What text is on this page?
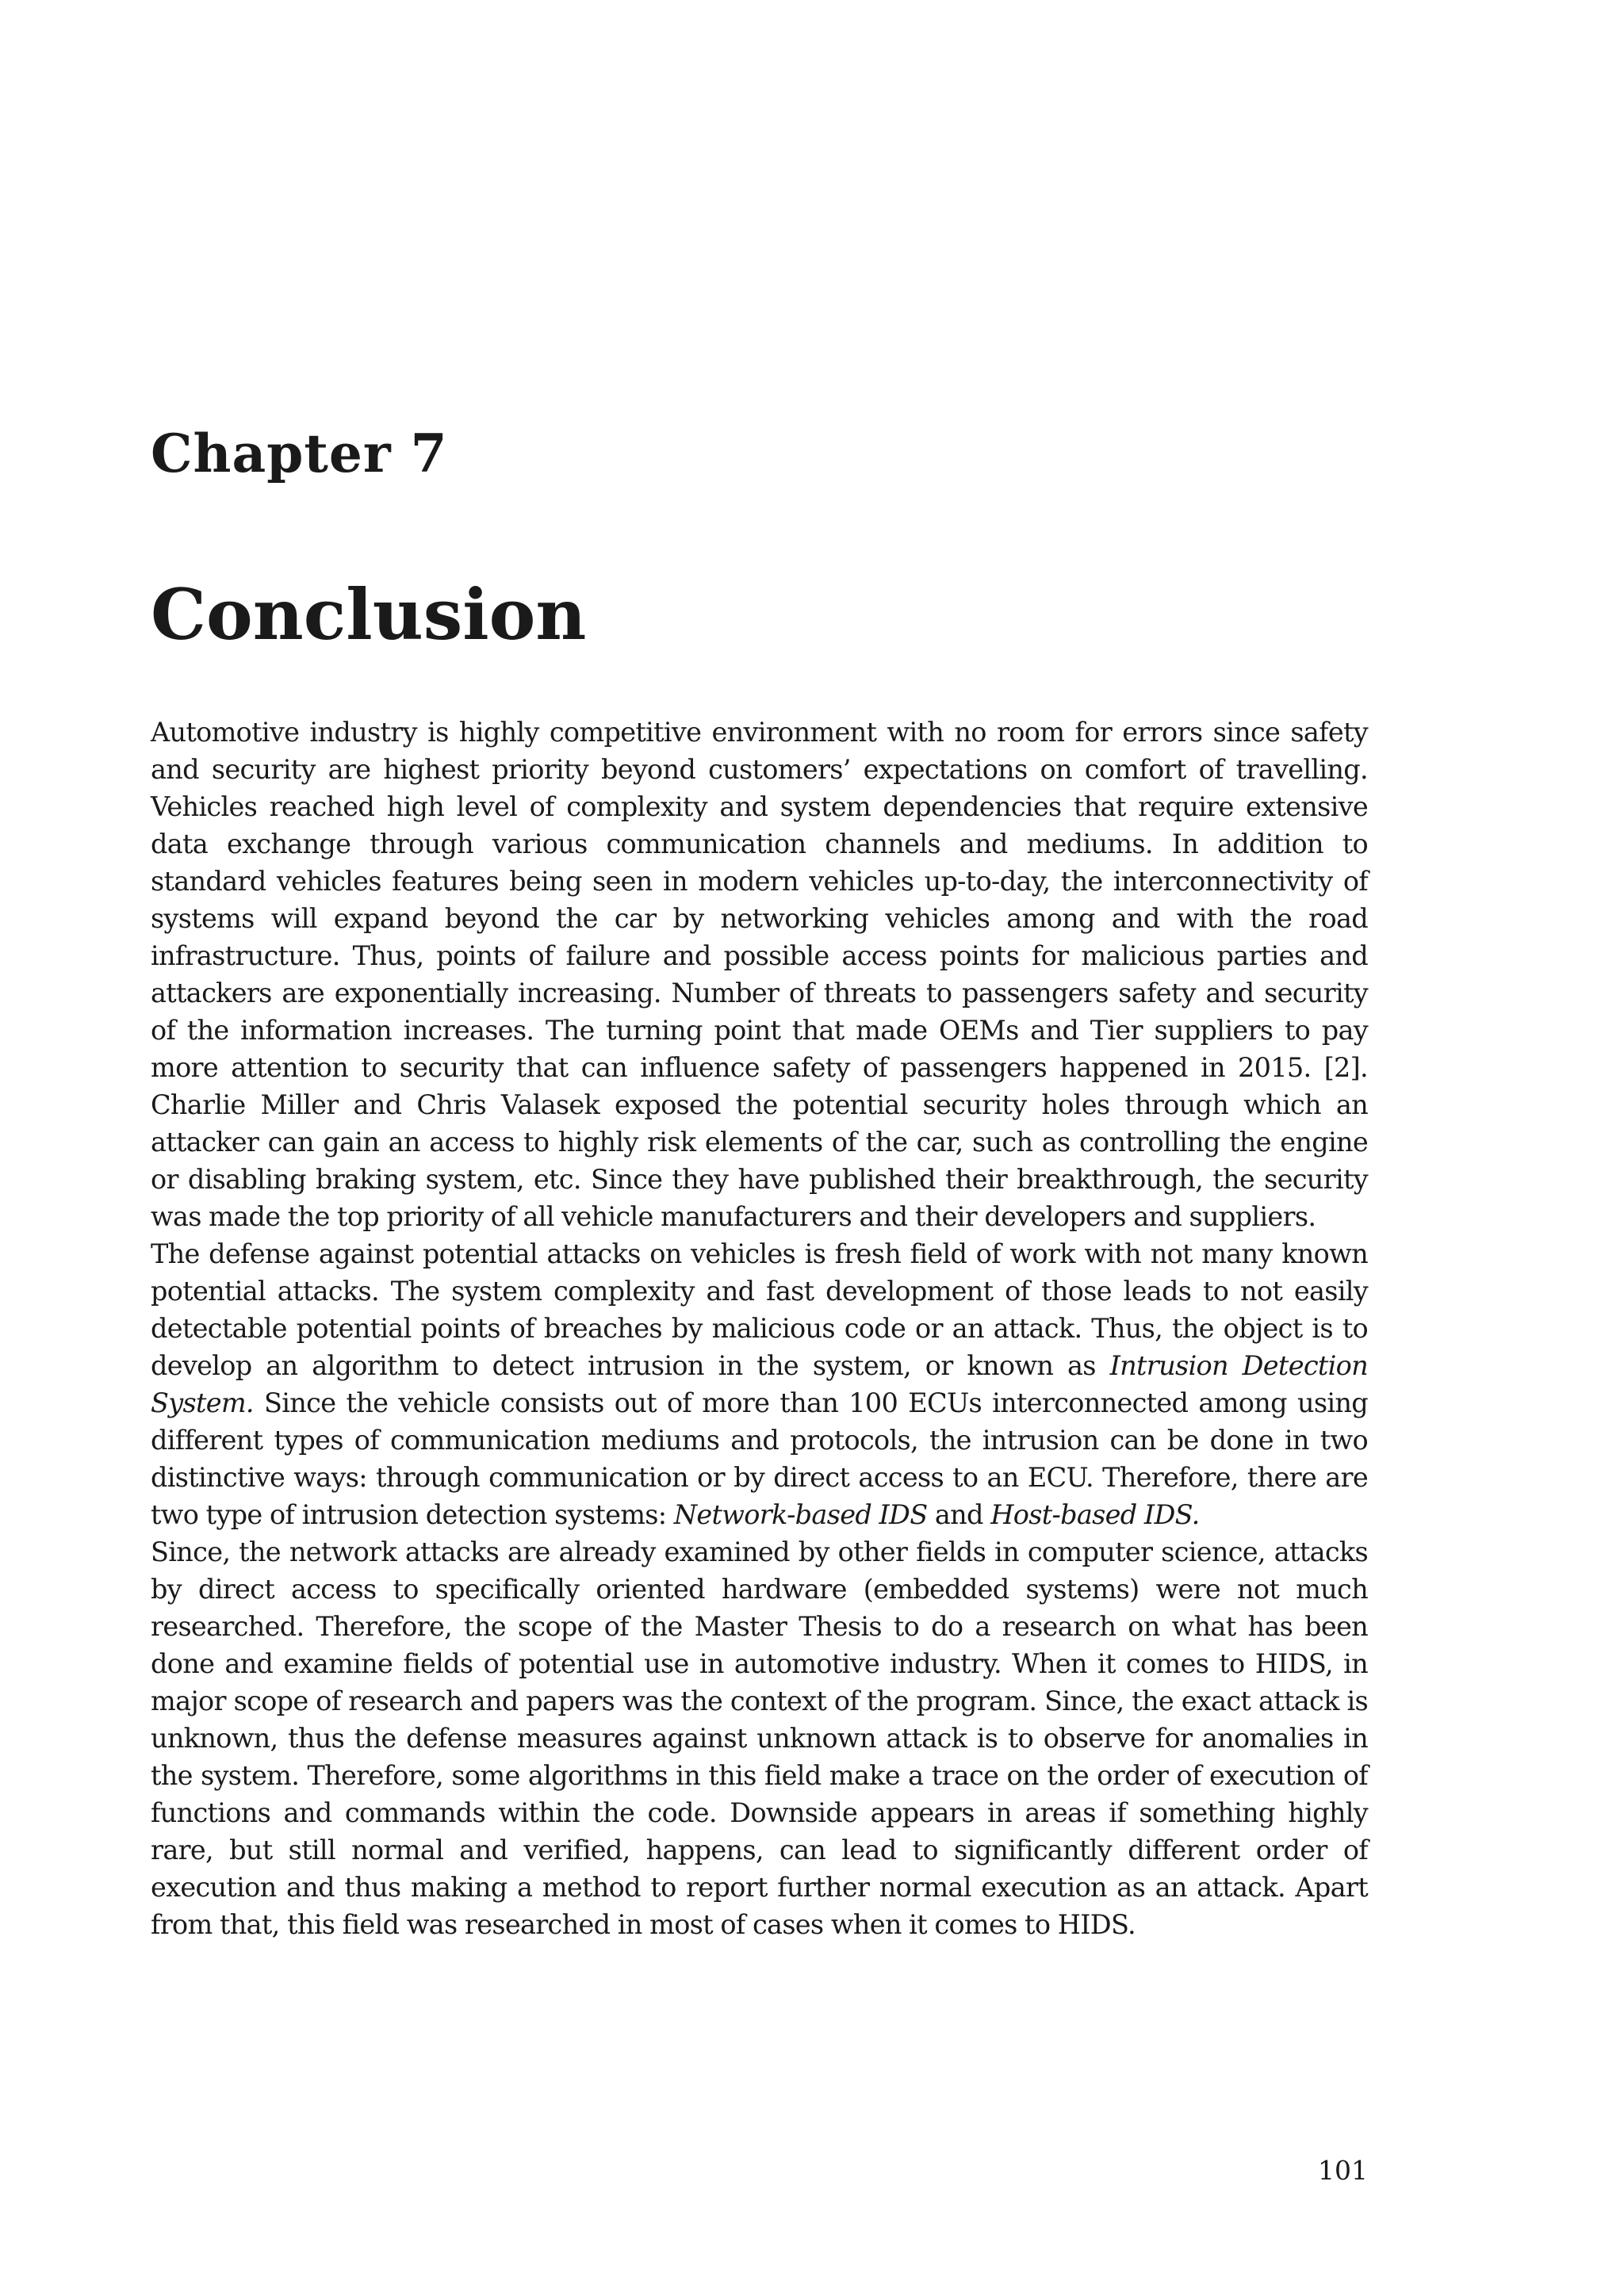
Chapter 7
Conclusion

Automotive industry is highly competitive environment with no room for errors since safety and security are highest priority beyond customers’ expectations on comfort of travelling. Vehicles reached high level of complexity and system dependencies that require extensive data exchange through various communication channels and mediums. In addition to standard vehicles features being seen in modern vehicles up-to-day, the interconnectivity of systems will expand beyond the car by networking vehicles among and with the road infrastructure. Thus, points of failure and possible access points for malicious parties and attackers are exponentially increasing. Number of threats to passengers safety and security of the information increases. The turning point that made OEMs and Tier suppliers to pay more attention to security that can influence safety of passengers happened in 2015. [2]. Charlie Miller and Chris Valasek exposed the potential security holes through which an attacker can gain an access to highly risk elements of the car, such as controlling the engine or disabling braking system, etc. Since they have published their breakthrough, the security was made the top priority of all vehicle manufacturers and their developers and suppliers.

The defense against potential attacks on vehicles is fresh field of work with not many known potential attacks. The system complexity and fast development of those leads to not easily detectable potential points of breaches by malicious code or an attack. Thus, the object is to develop an algorithm to detect intrusion in the system, or known as Intrusion Detection System. Since the vehicle consists out of more than 100 ECUs interconnected among using different types of communication mediums and protocols, the intrusion can be done in two distinctive ways: through communication or by direct access to an ECU. Therefore, there are two type of intrusion detection systems: Network-based IDS and Host-based IDS.

Since, the network attacks are already examined by other fields in computer science, attacks by direct access to specifically oriented hardware (embedded systems) were not much researched. Therefore, the scope of the Master Thesis to do a research on what has been done and examine fields of potential use in automotive industry. When it comes to HIDS, in major scope of research and papers was the context of the program. Since, the exact attack is unknown, thus the defense measures against unknown attack is to observe for anomalies in the system. Therefore, some algorithms in this field make a trace on the order of execution of functions and commands within the code. Downside appears in areas if something highly rare, but still normal and verified, happens, can lead to significantly different order of execution and thus making a method to report further normal execution as an attack. Apart from that, this field was researched in most of cases when it comes to HIDS.

101
